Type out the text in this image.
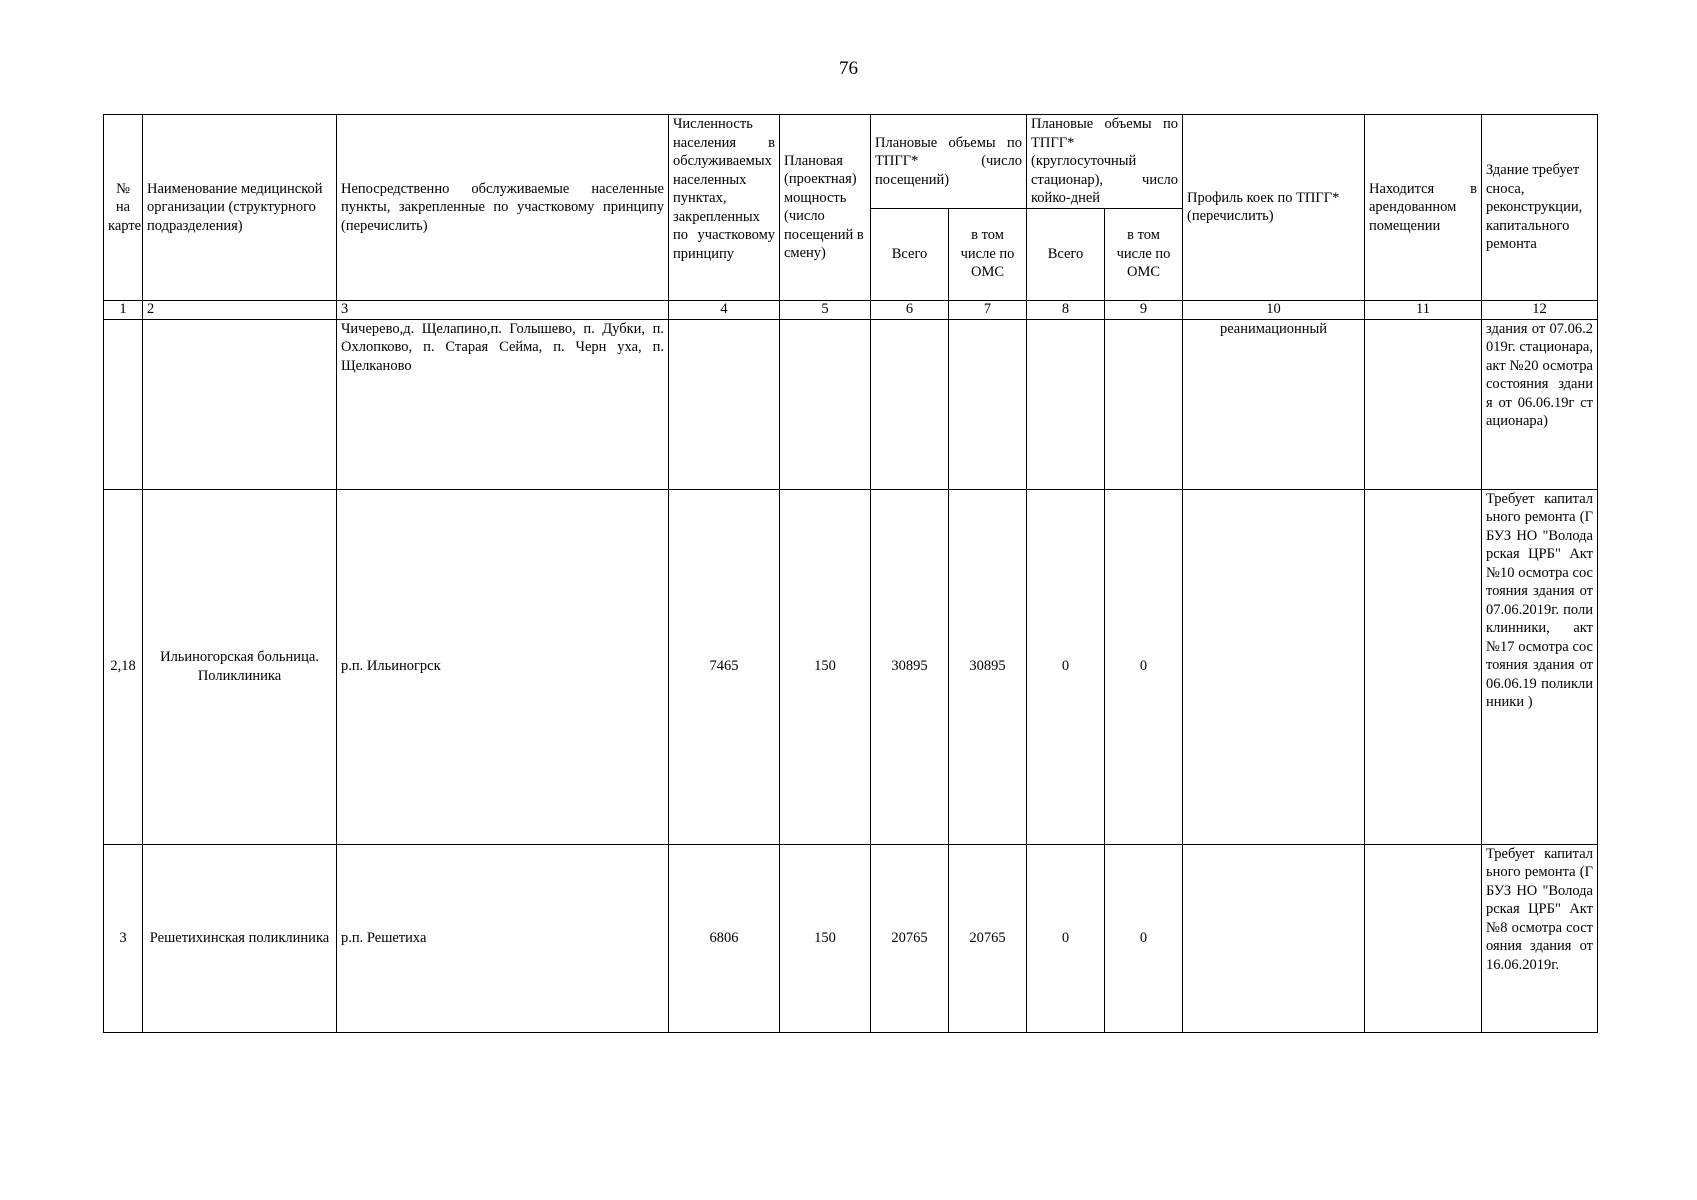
76
№ на карте	Наименование медицинской организации (структурного подразделения)	Непосредственно обслуживаемые населенные пункты, закрепленные по участковому принципу (перечислить)	Численность населения в обслуживаемых населенных пунктах, закрепленных по участковому принципу	Плановая (проектная) мощность (число посещений в смену)	Плановые объемы по ТПГГ* (число посещений)		Плановые объемы по ТПГГ* (круглосуточный стационар), число койко-дней		Профиль коек по ТПГГ* (перечислить)	Находится в арендованном помещении	Здание требует сноса, реконструкции, капитального ремонта
					Всего	в том числе по ОМС	Всего	в том числе по ОМС			
1	2	3	4	5	6	7	8	9	10	11	12
		Чичерево,д. Щелапино,п. Голышево, п. Дубки, п. Охлопково, п. Старая Сейма, п. Черн уха, п. Щелканово							реанимационный		здания от 07.06.2019г. стационара, акт №20 осмотра состояния здания от 06.06.19г стационара)
2,18	Ильиногорская больница. Поликлиника	р.п. Ильиногрск	7465	150	30895	30895	0	0			Требует капитального ремонта (ГБУЗ НО "Володарская ЦРБ" Акт №10 осмотра состояния здания от 07.06.2019г. поликлинники, акт №17 осмотра состояния здания от 06.06.19 поликлинники )
3	Решетихинская поликлиника	р.п. Решетиха	6806	150	20765	20765	0	0			Требует капитального ремонта (ГБУЗ НО "Володарская ЦРБ" Акт №8 осмотра состояния здания от 16.06.2019г.
